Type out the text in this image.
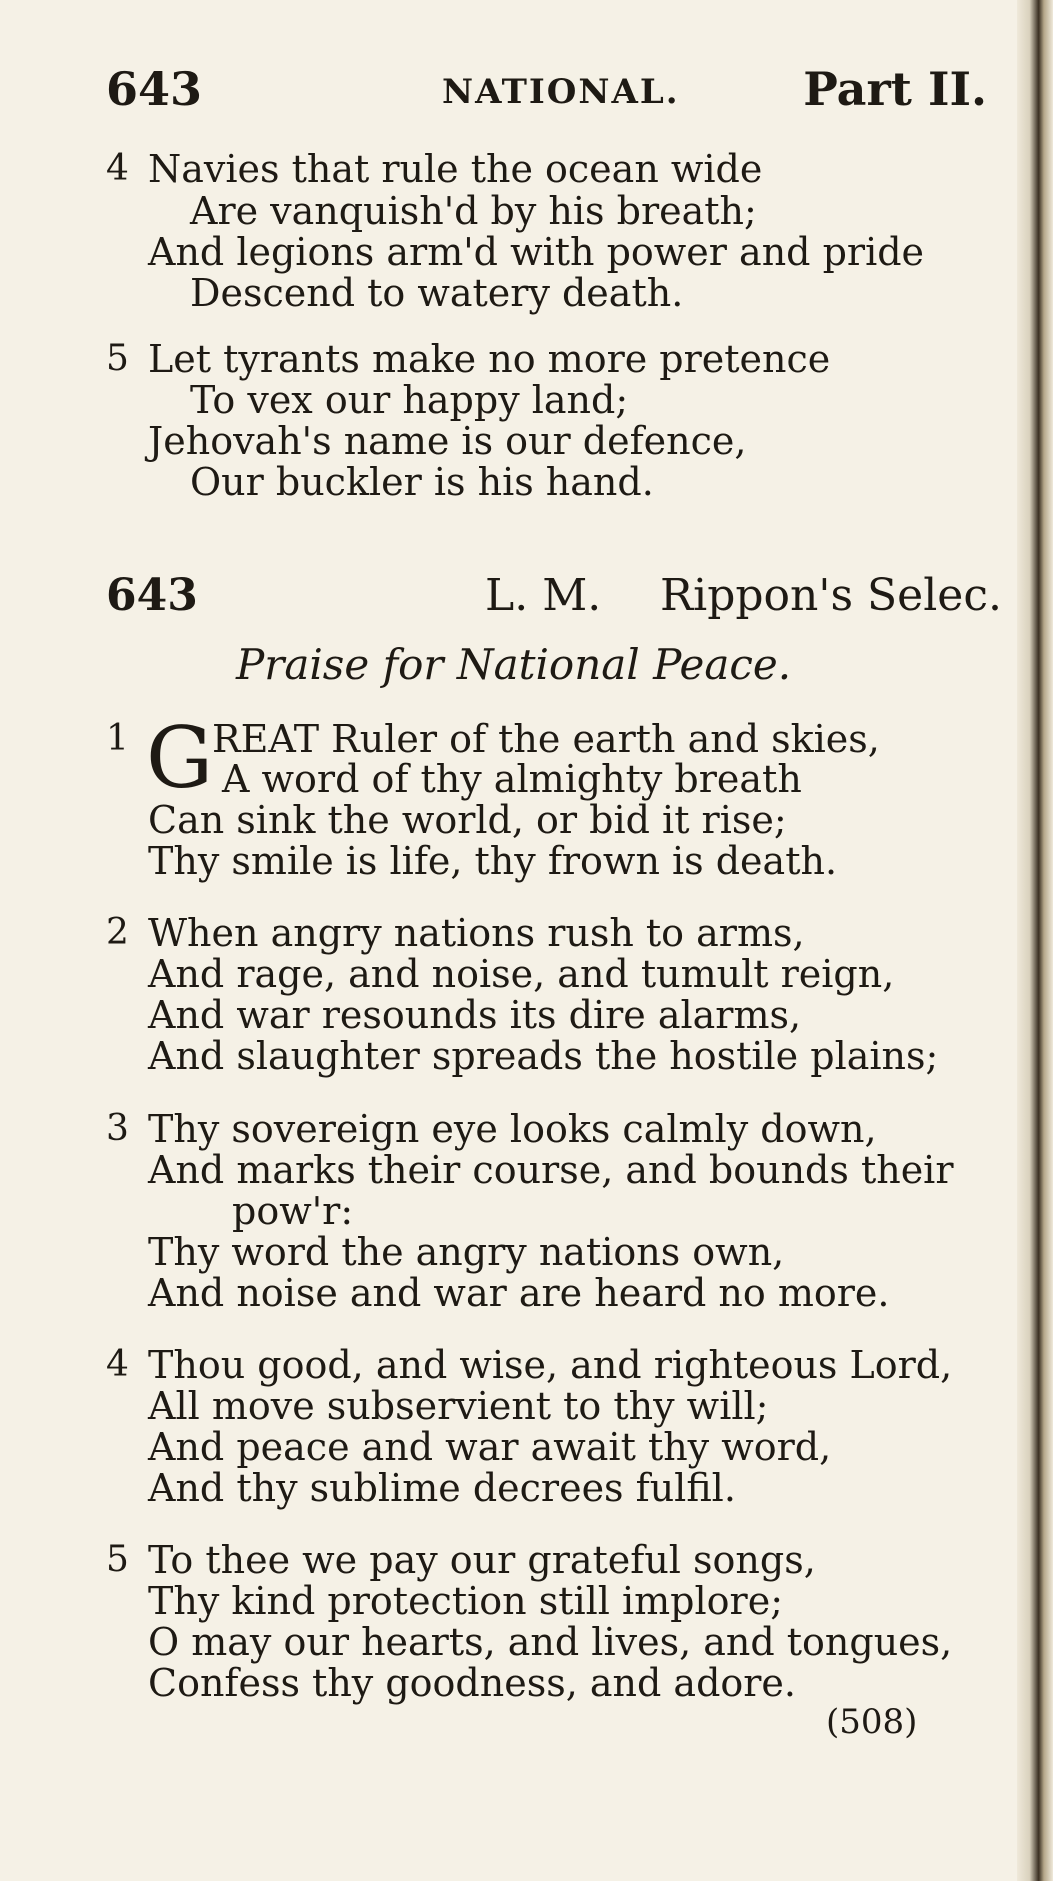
643	NATIONAL.	Part II.
4 Navies that rule the ocean wide
Are vanquish'd by his breath;
And legions arm'd with power and pride
Descend to watery death.
5 Let tyrants make no more pretence
To vex our happy land;
Jehovah's name is our defence,
Our buckler is his hand.
643	L. M. Rippon's Selec.
Praise for National Peace.
1 G
REAT Ruler of the earth and skies,
A word of thy almighty breath
Can sink the world, or bid it rise;
Thy smile is life, thy frown is death.
2 When angry nations rush to arms,
And rage, and noise, and tumult reign,
And war resounds its dire alarms,
And slaughter spreads the hostile plains;
3 Thy sovereign eye looks calmly down,
And marks their course, and bounds their
pow'r:
Thy word the angry nations own,
And noise and war are heard no more.
4 Thou good, and wise, and righteous Lord,
All move subservient to thy will;
And peace and war await thy word,
And thy sublime decrees fulfil.
5 To thee we pay our grateful songs,
Thy kind protection still implore;
O may our hearts, and lives, and tongues,
Confess thy goodness, and adore.
(508)
